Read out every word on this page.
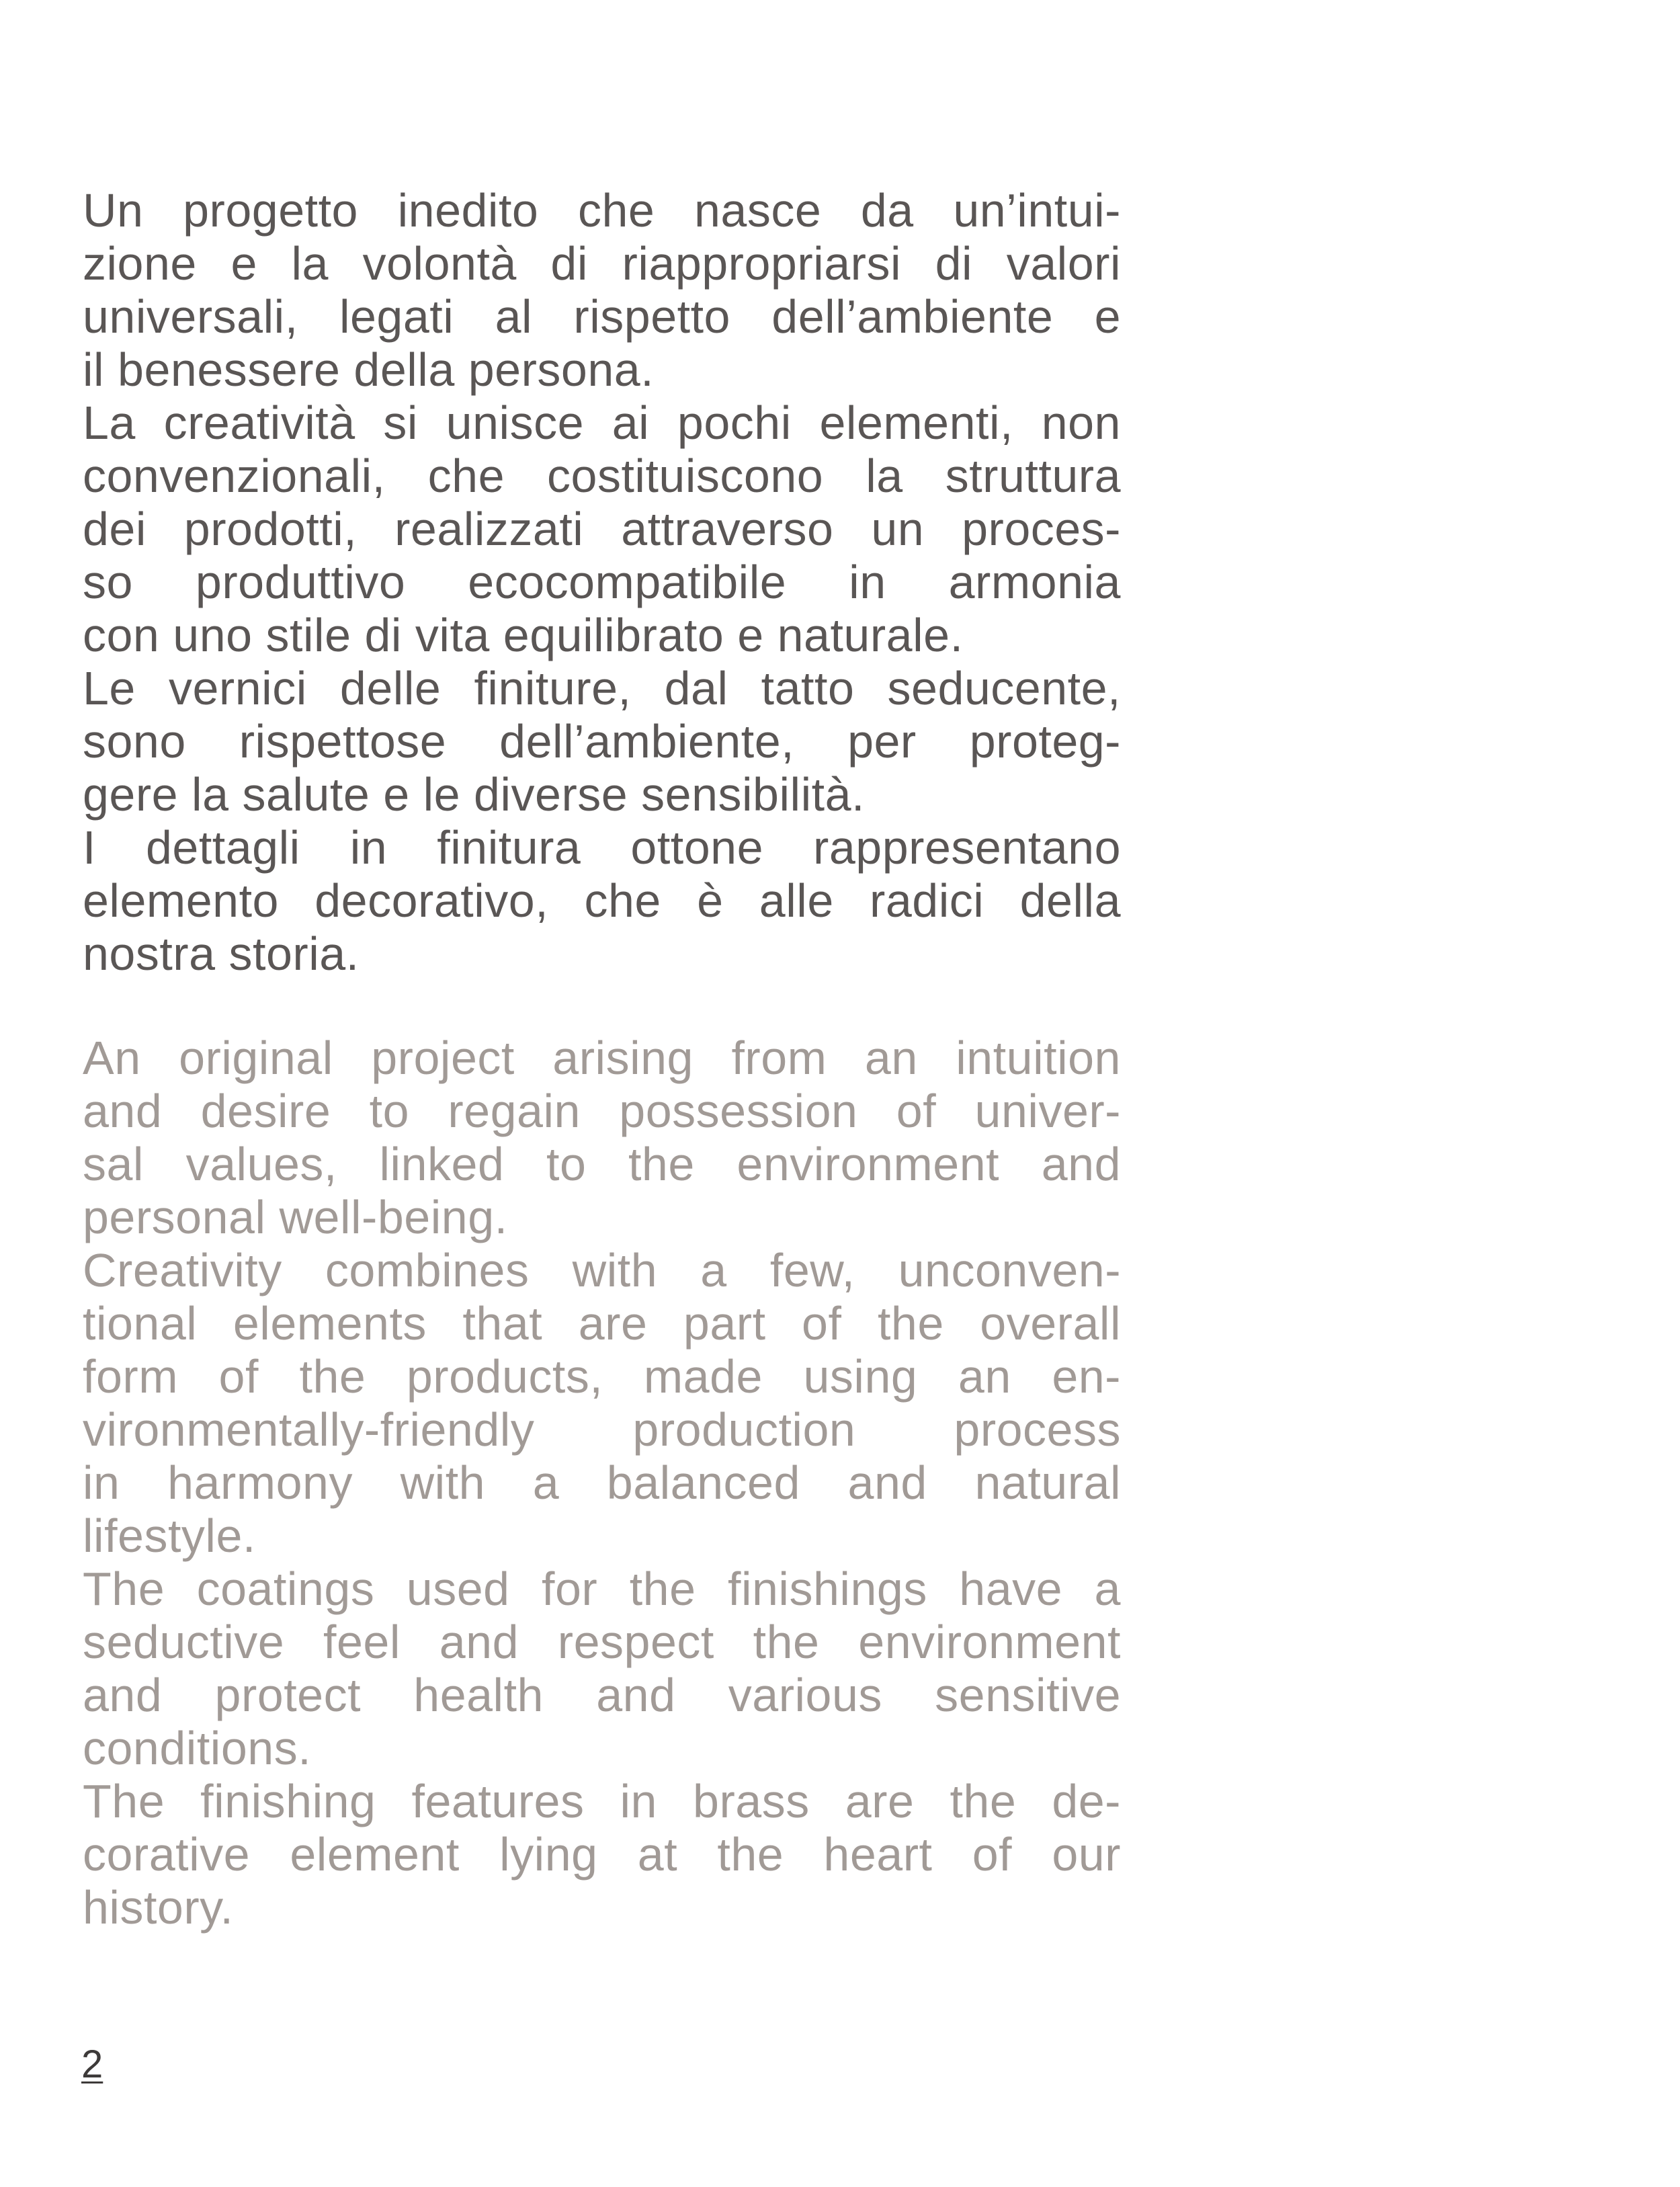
Un progetto inedito che nasce da un’intui-
zione e la volontà di riappropriarsi di valori
universali, legati al rispetto dell’ambiente e
il benessere della persona.
La creatività si unisce ai pochi elementi, non
convenzionali, che costituiscono la struttura
dei prodotti, realizzati attraverso un proces-
so produttivo ecocompatibile in armonia
con uno stile di vita equilibrato e naturale.
Le vernici delle finiture, dal tatto seducente,
sono rispettose dell’ambiente, per proteg-
gere la salute e le diverse sensibilità.
I dettagli in finitura ottone rappresentano
elemento decorativo, che è alle radici della
nostra storia.
An original project arising from an intuition
and desire to regain possession of univer-
sal values, linked to the environment and
personal well-being.
Creativity combines with a few, unconven-
tional elements that are part of the overall
form of the products, made using an en-
vironmentally-friendly production process
in harmony with a balanced and natural
lifestyle.
The coatings used for the finishings have a
seductive feel and respect the environment
and protect health and various sensitive
conditions.
The finishing features in brass are the de-
corative element lying at the heart of our
history.
2
